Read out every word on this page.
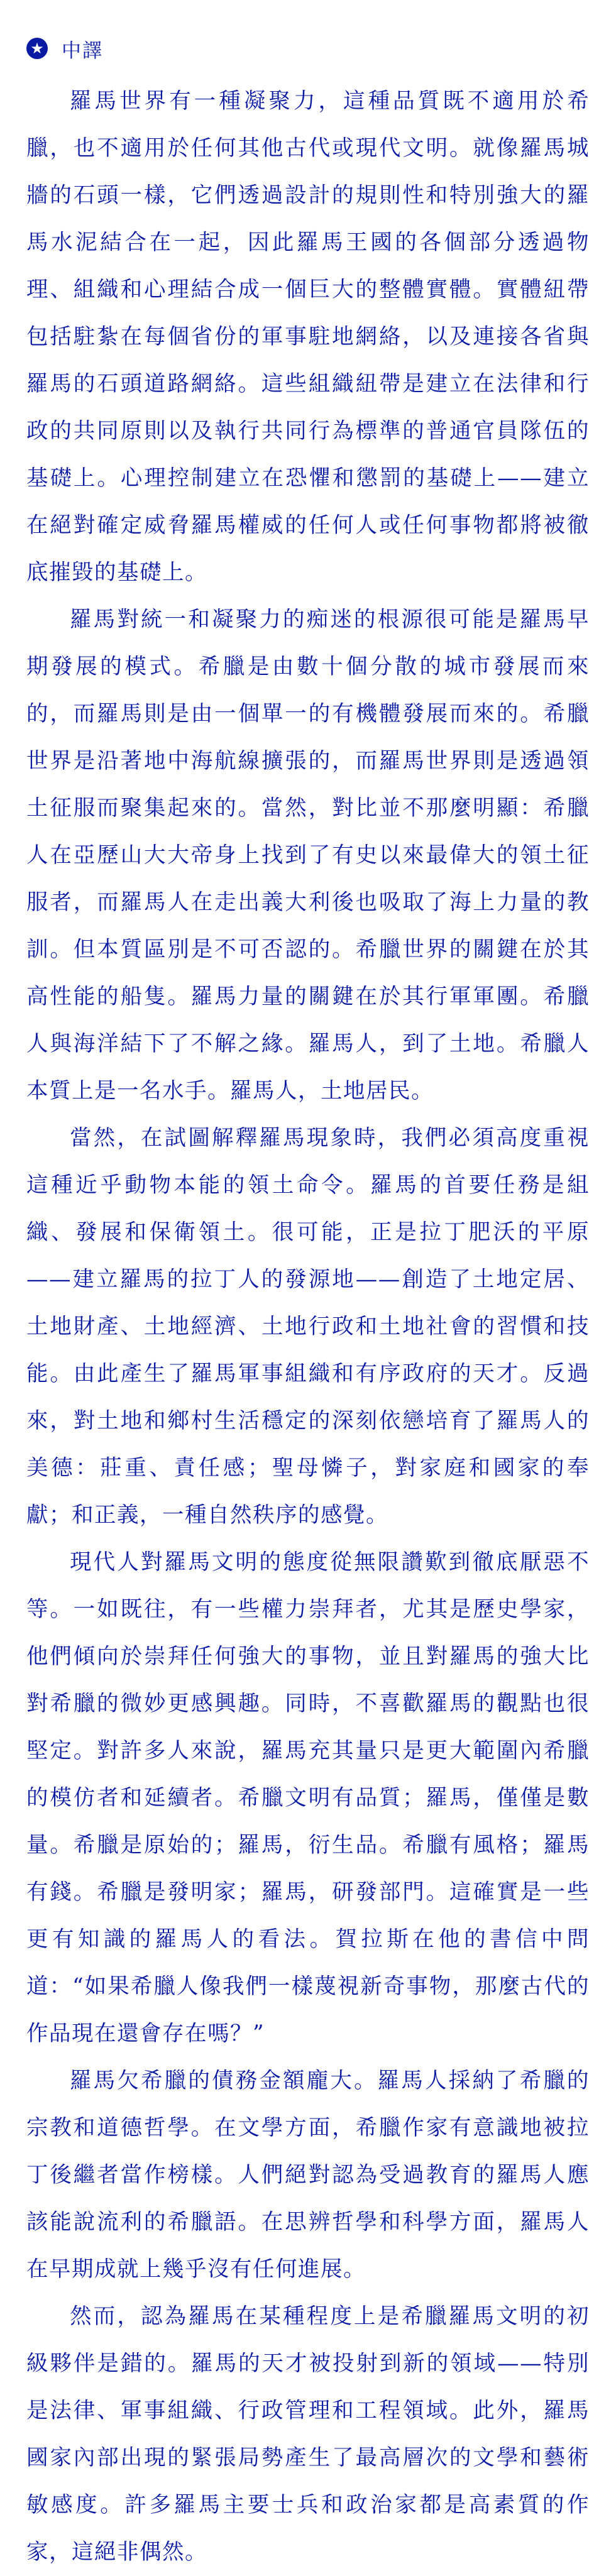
★ 中譯

羅馬世界有一種凝聚力，這種品質既不適用於希臘，也不適用於任何其他古代或現代文明。就像羅馬城牆的石頭一樣，它們透過設計的規則性和特別強大的羅馬水泥結合在一起，因此羅馬王國的各個部分透過物理、組織和心理結合成一個巨大的整體實體。實體紐帶包括駐紮在每個省份的軍事駐地網絡，以及連接各省與羅馬的石頭道路網絡。這些組織紐帶是建立在法律和行政的共同原則以及執行共同行為標準的普通官員隊伍的基礎上。心理控制建立在恐懼和懲罰的基礎上——建立在絕對確定威脅羅馬權威的任何人或任何事物都將被徹底摧毀的基礎上。

羅馬對統一和凝聚力的痴迷的根源很可能是羅馬早期發展的模式。希臘是由數十個分散的城市發展而來的，而羅馬則是由一個單一的有機體發展而來的。希臘世界是沿著地中海航線擴張的，而羅馬世界則是透過領土征服而聚集起來的。當然，對比並不那麼明顯：希臘人在亞歷山大大帝身上找到了有史以來最偉大的領土征服者，而羅馬人在走出義大利後也吸取了海上力量的教訓。但本質區別是不可否認的。希臘世界的關鍵在於其高性能的船隻。羅馬力量的關鍵在於其行軍軍團。希臘人與海洋結下了不解之緣。羅馬人，到了土地。希臘人本質上是一名水手。羅馬人，土地居民。

當然，在試圖解釋羅馬現象時，我們必須高度重視這種近乎動物本能的領土命令。羅馬的首要任務是組織、發展和保衛領土。很可能，正是拉丁肥沃的平原——建立羅馬的拉丁人的發源地——創造了土地定居、土地財產、土地經濟、土地行政和土地社會的習慣和技能。由此產生了羅馬軍事組織和有序政府的天才。反過來，對土地和鄉村生活穩定的深刻依戀培育了羅馬人的美德：莊重、責任感；聖母憐子，對家庭和國家的奉獻；和正義，一種自然秩序的感覺。

現代人對羅馬文明的態度從無限讚歎到徹底厭惡不等。一如既往，有一些權力崇拜者，尤其是歷史學家，他們傾向於崇拜任何強大的事物，並且對羅馬的強大比對希臘的微妙更感興趣。同時，不喜歡羅馬的觀點也很堅定。對許多人來說，羅馬充其量只是更大範圍內希臘的模仿者和延續者。希臘文明有品質；羅馬，僅僅是數量。希臘是原始的；羅馬，衍生品。希臘有風格；羅馬有錢。希臘是發明家；羅馬，研發部門。這確實是一些更有知識的羅馬人的看法。賀拉斯在他的書信中問道：“如果希臘人像我們一樣蔑視新奇事物，那麼古代的作品現在還會存在嗎？”

羅馬欠希臘的債務金額龐大。羅馬人採納了希臘的宗教和道德哲學。在文學方面，希臘作家有意識地被拉丁後繼者當作榜樣。人們絕對認為受過教育的羅馬人應該能說流利的希臘語。在思辨哲學和科學方面，羅馬人在早期成就上幾乎沒有任何進展。

然而，認為羅馬在某種程度上是希臘羅馬文明的初級夥伴是錯的。羅馬的天才被投射到新的領域——特別是法律、軍事組織、行政管理和工程領域。此外，羅馬國家內部出現的緊張局勢產生了最高層次的文學和藝術敏感度。許多羅馬主要士兵和政治家都是高素質的作家，這絕非偶然。
